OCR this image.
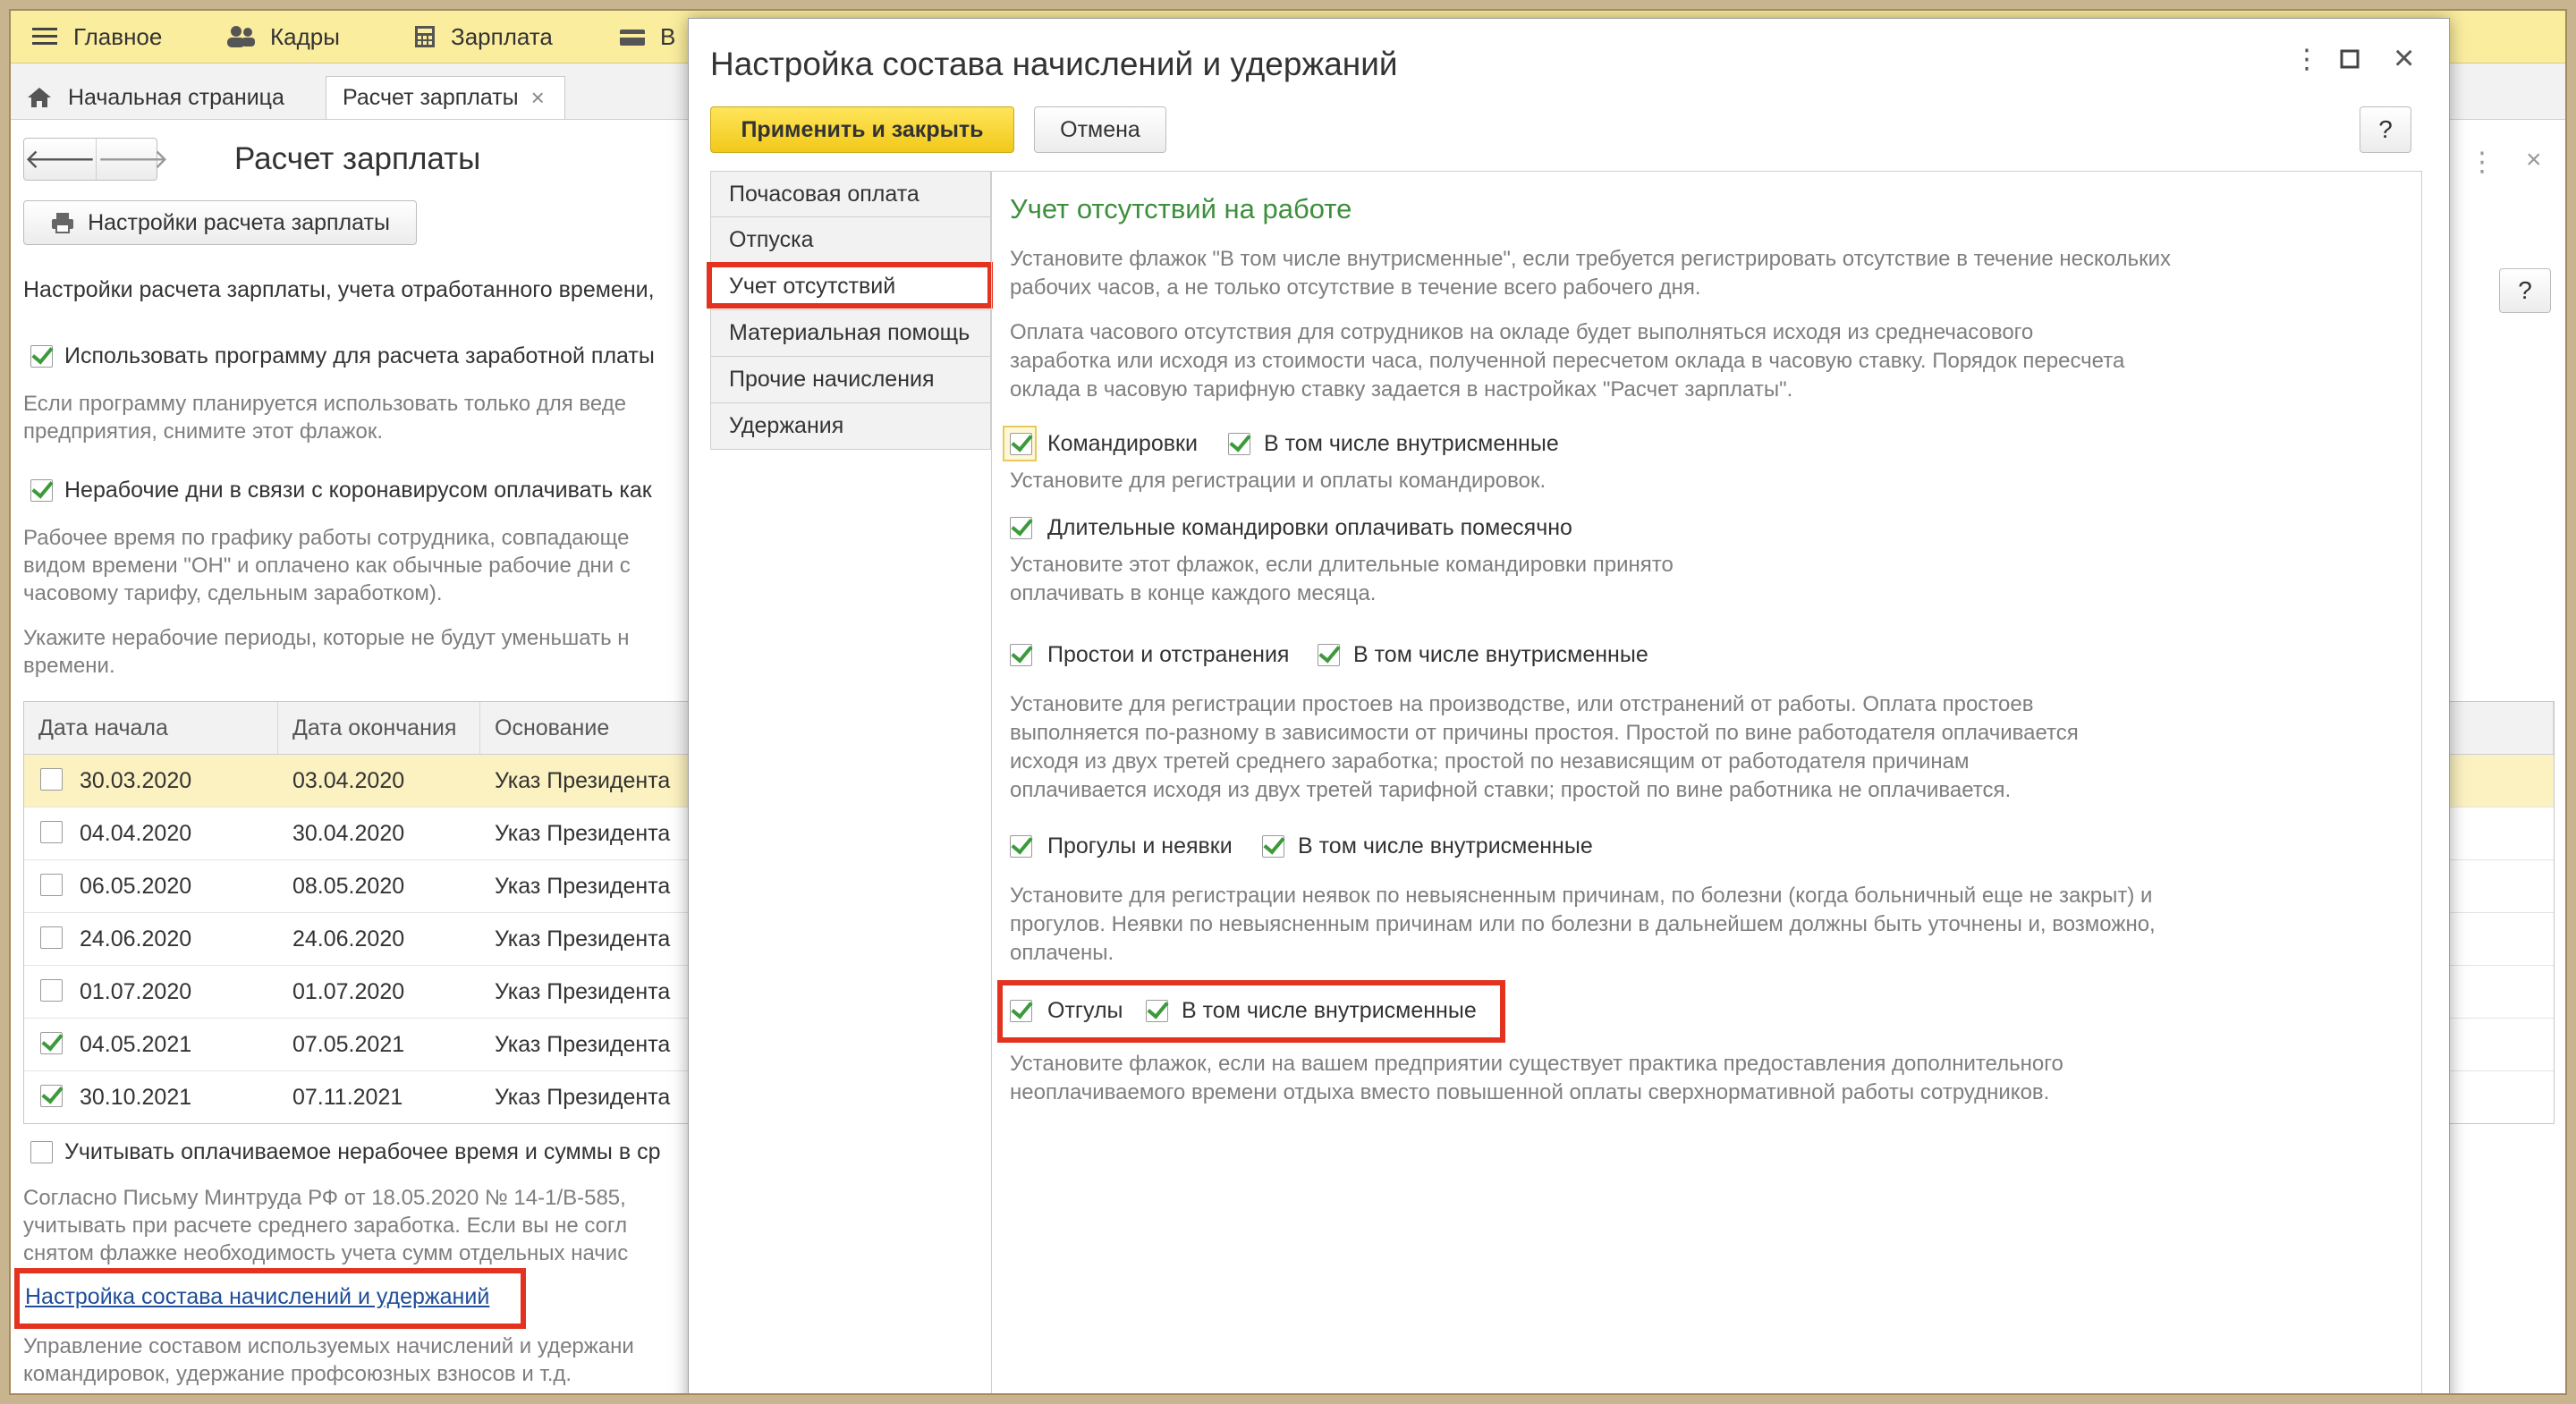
Главное	Кадры	Зарплата	В
Начальная страница	Расчет зарплаты ×
🡐 🡒 Расчет зарплаты
Настройки расчета зарплаты
Настройки расчета зарплаты, учета отработанного времени,
Использовать программу для расчета заработной платы
Если программу планируется использовать только для веде
предприятия, снимите этот флажок.
Нерабочие дни в связи с коронавирусом оплачивать как
Рабочее время по графику работы сотрудника, совпадающе
видом времени "ОН" и оплачено как обычные рабочие дни с
часовому тарифу, сдельным заработком).
Укажите нерабочие периоды, которые не будут уменьшать н
времени.
Дата начала	Дата окончания	Основание
30.03.2020	03.04.2020	Указ Президента
04.04.2020	30.04.2020	Указ Президента
06.05.2020	08.05.2020	Указ Президента
24.06.2020	24.06.2020	Указ Президента
01.07.2020	01.07.2020	Указ Президента
04.05.2021	07.05.2021	Указ Президента
30.10.2021	07.11.2021	Указ Президента
Учитывать оплачиваемое нерабочее время и суммы в ср
Согласно Письму Минтруда РФ от 18.05.2020 № 14-1/В-585,
учитывать при расчете среднего заработка. Если вы не согл
снятом флажке необходимость учета сумм отдельных начис
Настройка состава начислений и удержаний
Управление составом используемых начислений и удержани
командировок, удержание профсоюзных взносов и т.д.
⋮ ×
?
Настройка состава начислений и удержаний	⋮ ×
Применить и закрыть	Отмена	?
Почасовая оплата
Отпуска
Учет отсутствий
Материальная помощь
Прочие начисления
Удержания
Учет отсутствий на работе
Установите флажок "В том числе внутрисменные", если требуется регистрировать отсутствие в течение нескольких
рабочих часов, а не только отсутствие в течение всего рабочего дня.
Оплата часового отсутствия для сотрудников на окладе будет выполняться исходя из среднечасового
заработка или исходя из стоимости часа, полученной пересчетом оклада в часовую ставку. Порядок пересчета
оклада в часовую тарифную ставку задается в настройках "Расчет зарплаты".
Командировки	В том числе внутрисменные
Установите для регистрации и оплаты командировок.
Длительные командировки оплачивать помесячно
Установите этот флажок, если длительные командировки принято
оплачивать в конце каждого месяца.
Простои и отстранения	В том числе внутрисменные
Установите для регистрации простоев на производстве, или отстранений от работы. Оплата простоев
выполняется по-разному в зависимости от причины простоя. Простой по вине работодателя оплачивается
исходя из двух третей среднего заработка; простой по независящим от работодателя причинам
оплачивается исходя из двух третей тарифной ставки; простой по вине работника не оплачивается.
Прогулы и неявки	В том числе внутрисменные
Установите для регистрации неявок по невыясненным причинам, по болезни (когда больничный еще не закрыт) и
прогулов. Неявки по невыясненным причинам или по болезни в дальнейшем должны быть уточнены и, возможно,
оплачены.
Отгулы	В том числе внутрисменные
Установите флажок, если на вашем предприятии существует практика предоставления дополнительного
неоплачиваемого времени отдыха вместо повышенной оплаты сверхнормативной работы сотрудников.
